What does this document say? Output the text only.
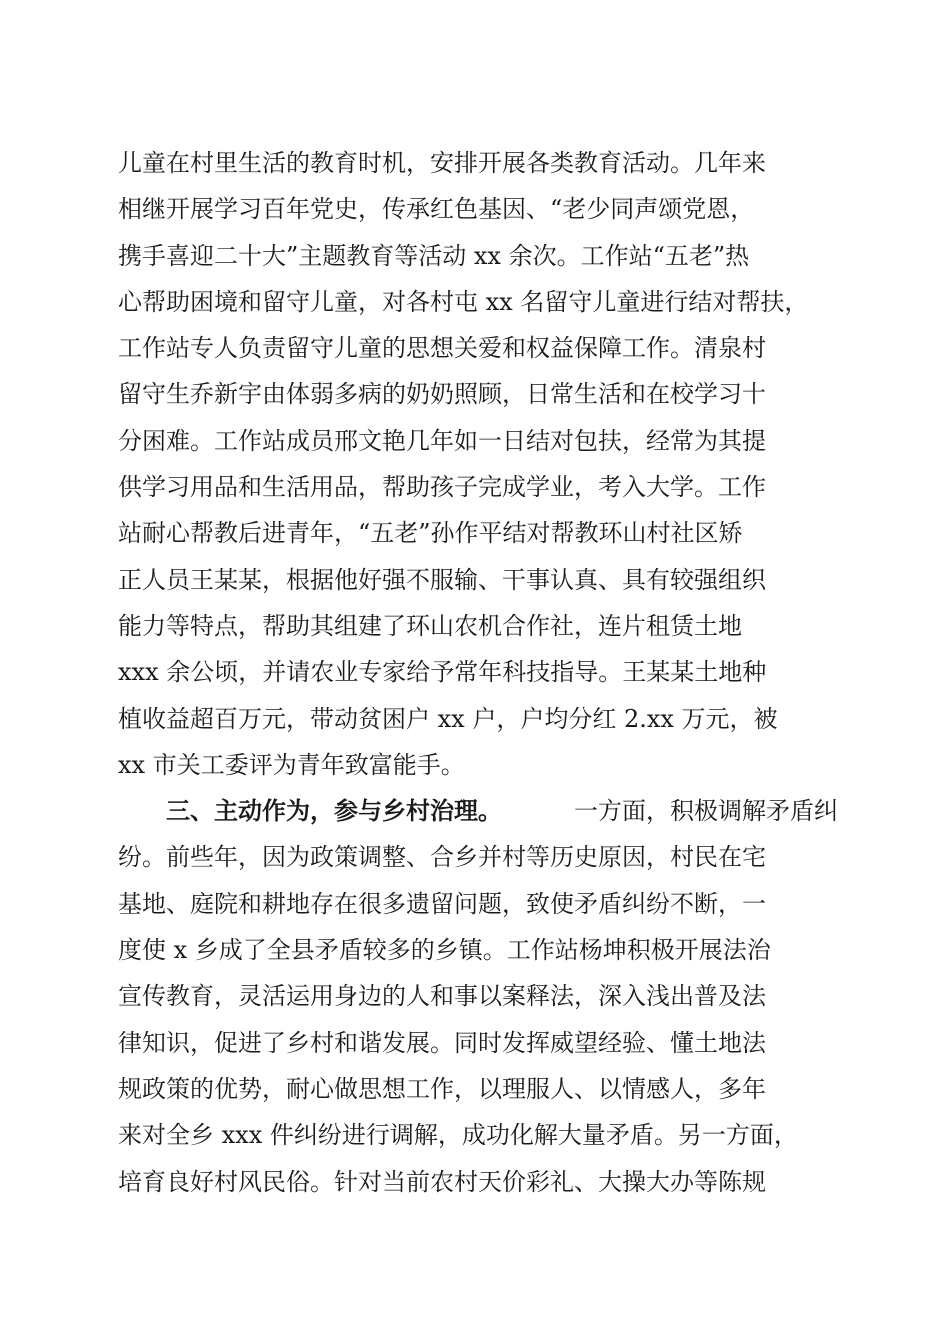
儿童在村里生活的教育时机，安排开展各类教育活动。几年来
相继开展学习百年党史，传承红色基因、“老少同声颂党恩，
携手喜迎二十大”主题教育等活动 xx 余次。工作站“五老”热
心帮助困境和留守儿童，对各村屯 xx 名留守儿童进行结对帮扶，
工作站专人负责留守儿童的思想关爱和权益保障工作。清泉村
留守生乔新宇由体弱多病的奶奶照顾，日常生活和在校学习十
分困难。工作站成员邢文艳几年如一日结对包扶，经常为其提
供学习用品和生活用品，帮助孩子完成学业，考入大学。工作
站耐心帮教后进青年，“五老”孙作平结对帮教环山村社区矫
正人员王某某，根据他好强不服输、干事认真、具有较强组织
能力等特点，帮助其组建了环山农机合作社，连片租赁土地
xxx 余公顷，并请农业专家给予常年科技指导。王某某土地种
植收益超百万元，带动贫困户 xx 户，户均分红 2.xx 万元，被
xx 市关工委评为青年致富能手。
三、主动作为，参与乡村治理。	一方面，积极调解矛盾纠
纷。前些年，因为政策调整、合乡并村等历史原因，村民在宅
基地、庭院和耕地存在很多遗留问题，致使矛盾纠纷不断，一
度使 x 乡成了全县矛盾较多的乡镇。工作站杨坤积极开展法治
宣传教育，灵活运用身边的人和事以案释法，深入浅出普及法
律知识，促进了乡村和谐发展。同时发挥威望经验、懂土地法
规政策的优势，耐心做思想工作，以理服人、以情感人，多年
来对全乡 xxx 件纠纷进行调解，成功化解大量矛盾。另一方面，
培育良好村风民俗。针对当前农村天价彩礼、大操大办等陈规
